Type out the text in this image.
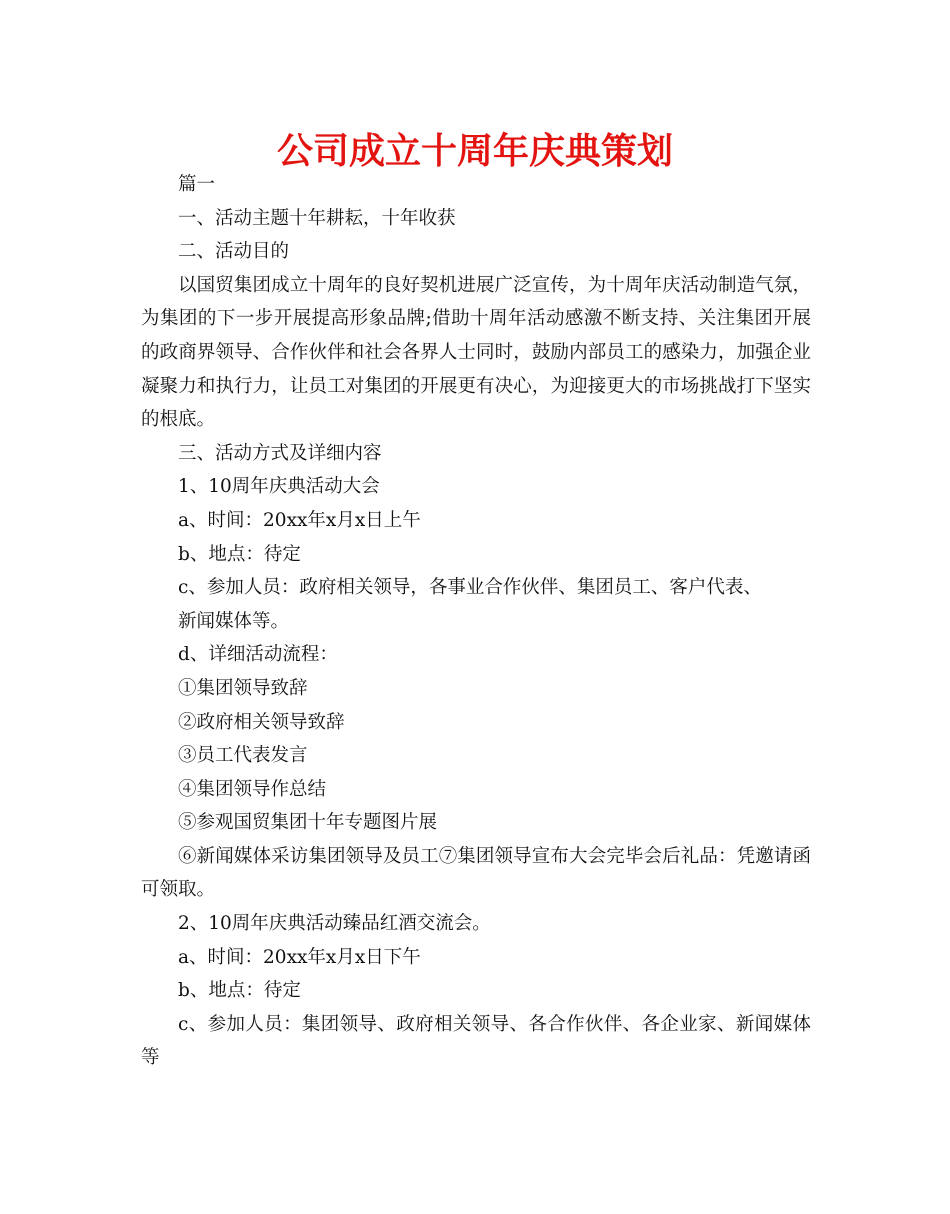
公司成立十周年庆典策划

篇一

一、活动主题十年耕耘，十年收获

二、活动目的

以国贸集团成立十周年的良好契机进展广泛宣传，为十周年庆活动制造气氛，为集团的下一步开展提高形象品牌;借助十周年活动感激不断支持、关注集团开展的政商界领导、合作伙伴和社会各界人士同时，鼓励内部员工的感染力，加强企业凝聚力和执行力，让员工对集团的开展更有决心，为迎接更大的市场挑战打下坚实的根底。

三、活动方式及详细内容

1、10周年庆典活动大会

a、时间：20xx年x月x日上午

b、地点：待定

c、参加人员：政府相关领导，各事业合作伙伴、集团员工、客户代表、

新闻媒体等。

d、详细活动流程：

①集团领导致辞

②政府相关领导致辞

③员工代表发言

④集团领导作总结

⑤参观国贸集团十年专题图片展

⑥新闻媒体采访集团领导及员工⑦集团领导宣布大会完毕会后礼品：凭邀请函可领取。

2、10周年庆典活动臻品红酒交流会。

a、时间：20xx年x月x日下午

b、地点：待定

c、参加人员：集团领导、政府相关领导、各合作伙伴、各企业家、新闻媒体等
